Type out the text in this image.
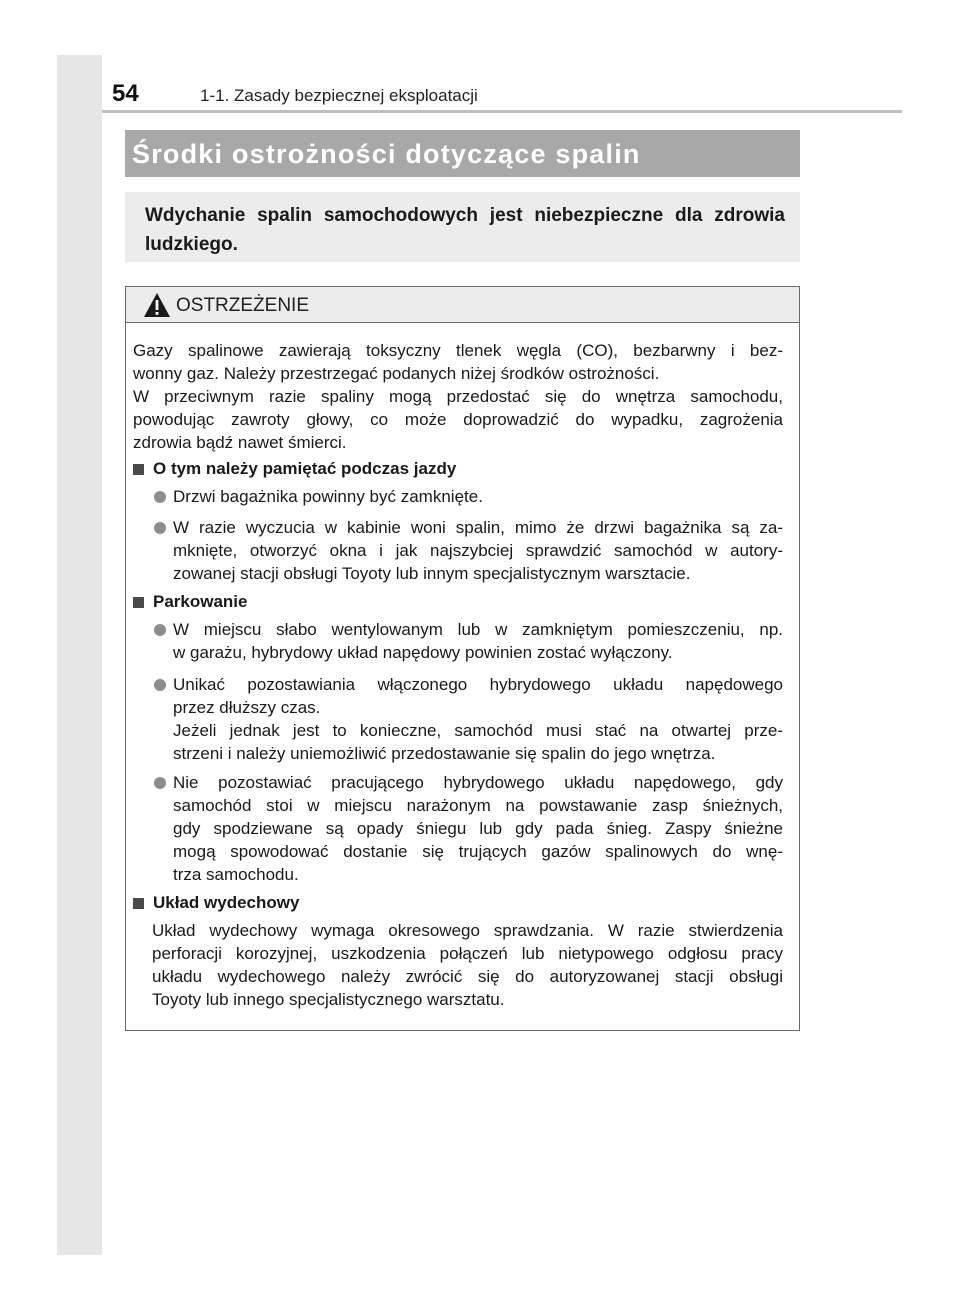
54	1-1. Zasady bezpiecznej eksploatacji
Środki ostrożności dotyczące spalin
Wdychanie spalin samochodowych jest niebezpieczne dla zdrowia
ludzkiego.
OSTRZEŻENIE
Gazy spalinowe zawierają toksyczny tlenek węgla (CO), bezbarwny i bez-
wonny gaz. Należy przestrzegać podanych niżej środków ostrożności.
W przeciwnym razie spaliny mogą przedostać się do wnętrza samochodu,
powodując zawroty głowy, co może doprowadzić do wypadku, zagrożenia
zdrowia bądź nawet śmierci.
O tym należy pamiętać podczas jazdy
Drzwi bagażnika powinny być zamknięte.
W razie wyczucia w kabinie woni spalin, mimo że drzwi bagażnika są za-
mknięte, otworzyć okna i jak najszybciej sprawdzić samochód w autory-
zowanej stacji obsługi Toyoty lub innym specjalistycznym warsztacie.
Parkowanie
W miejscu słabo wentylowanym lub w zamkniętym pomieszczeniu, np.
w garażu, hybrydowy układ napędowy powinien zostać wyłączony.
Unikać pozostawiania włączonego hybrydowego układu napędowego
przez dłuższy czas.
Jeżeli jednak jest to konieczne, samochód musi stać na otwartej prze-
strzeni i należy uniemożliwić przedostawanie się spalin do jego wnętrza.
Nie pozostawiać pracującego hybrydowego układu napędowego, gdy
samochód stoi w miejscu narażonym na powstawanie zasp śnieżnych,
gdy spodziewane są opady śniegu lub gdy pada śnieg. Zaspy śnieżne
mogą spowodować dostanie się trujących gazów spalinowych do wnę-
trza samochodu.
Układ wydechowy
Układ wydechowy wymaga okresowego sprawdzania. W razie stwierdzenia
perforacji korozyjnej, uszkodzenia połączeń lub nietypowego odgłosu pracy
układu wydechowego należy zwrócić się do autoryzowanej stacji obsługi
Toyoty lub innego specjalistycznego warsztatu.
